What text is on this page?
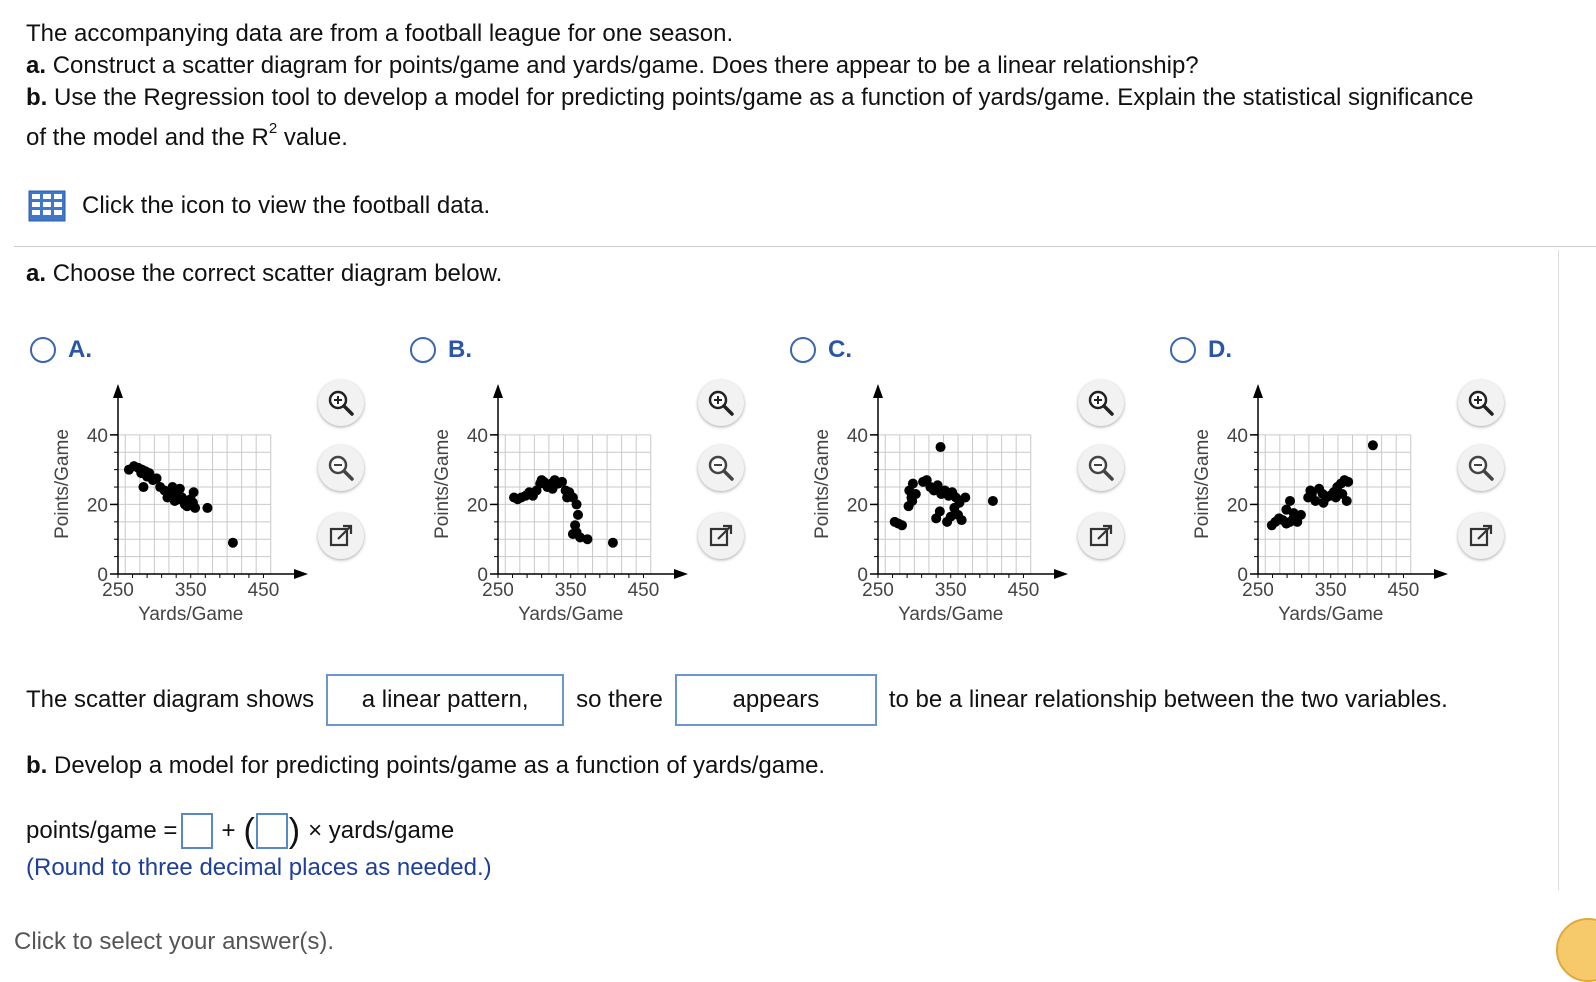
The accompanying data are from a football league for one season.
a. Construct a scatter diagram for points/game and yards/game. Does there appear to be a linear relationship?
b. Use the Regression tool to develop a model for predicting points/game as a function of yards/game. Explain the statistical significance
of the model and the $R^2$ value.
Click the icon to view the football data.
a. Choose the correct scatter diagram below.
A.	B.	C.	D.
250 350 450
0
20
40
Yards/Game
Points/Game
250 350 450
0
20
40
Yards/Game
Points/Game
250 350 450
0
20
40
Yards/Game
Points/Game
250 350 450
0
20
40
Yards/Game
Points/Game
The scatter diagram shows	a linear pattern,	so there	appears	to be a linear relationship between the two variables.
b. Develop a model for predicting points/game as a function of yards/game.
points/game = + ( ) × yards/game
(Round to three decimal places as needed.)
Click to select your answer(s).
